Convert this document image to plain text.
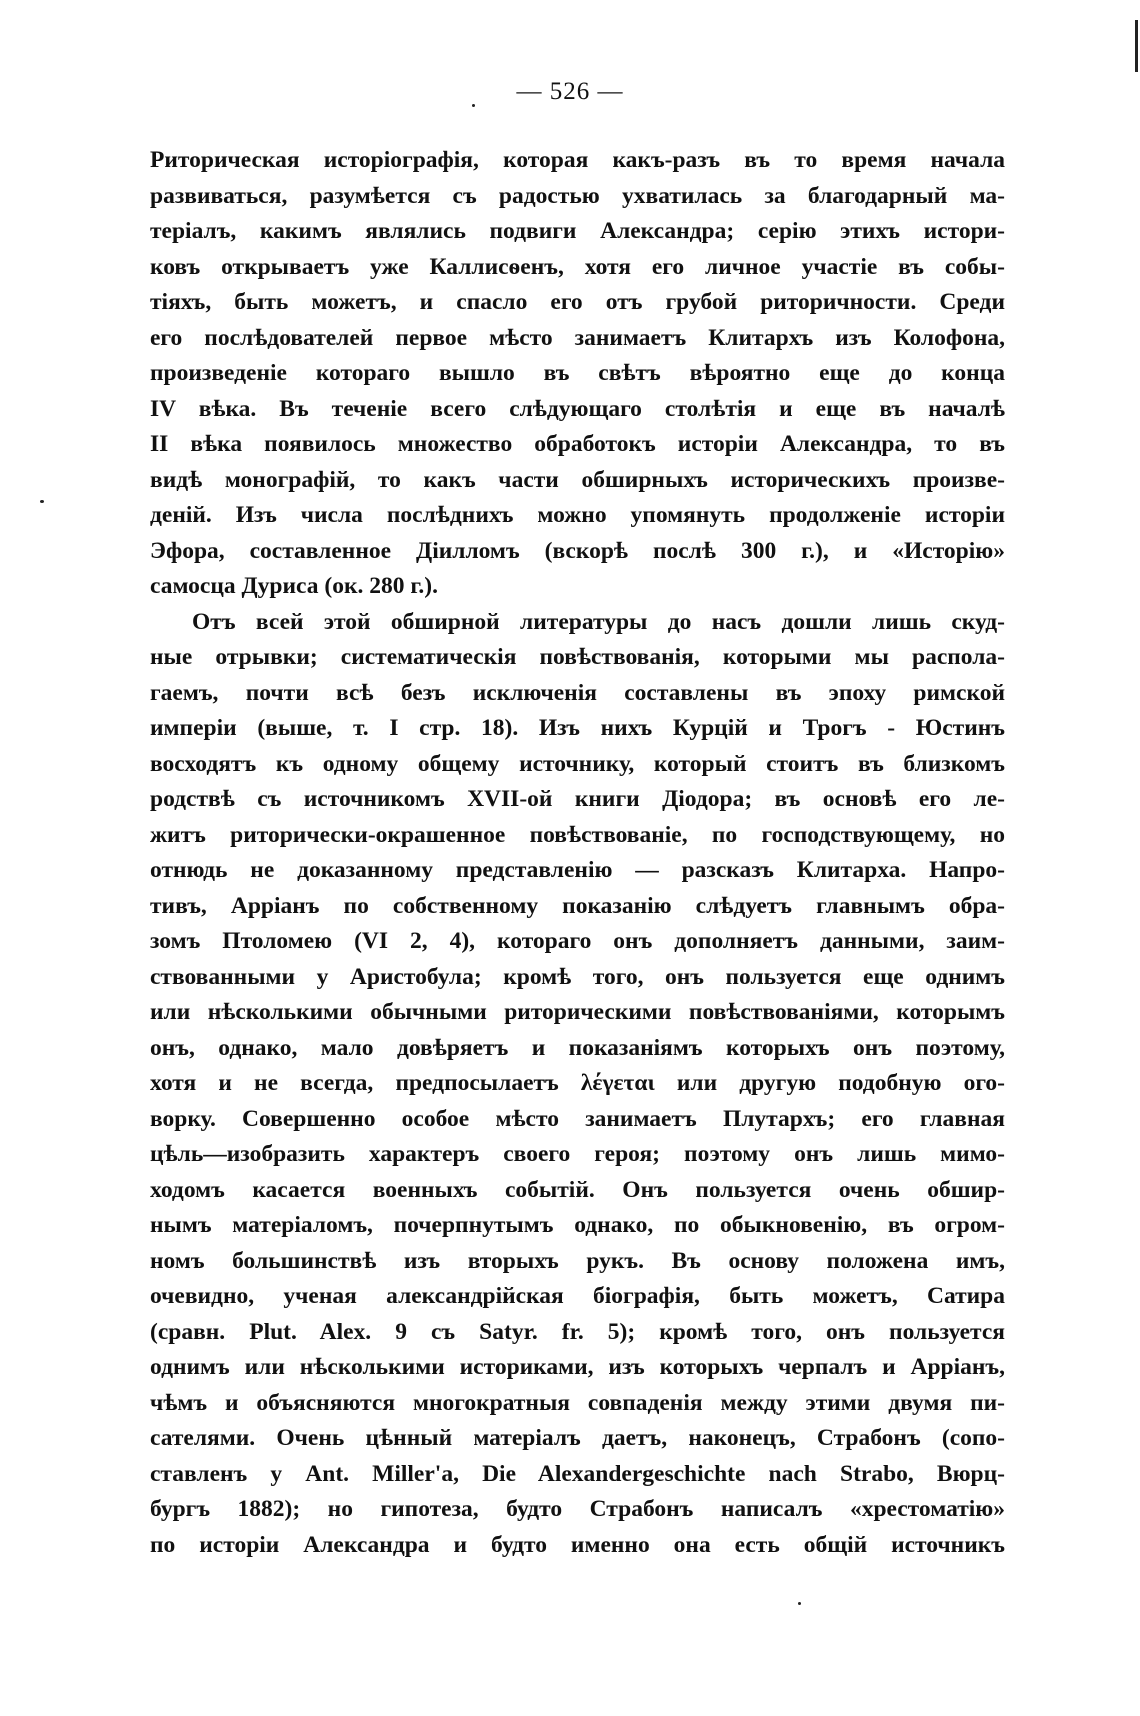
— 526 —
Риторическая исторіографія, которая какъ-разъ въ то время начала
развиваться, разумѣется съ радостью ухватилась за благодарный ма-
теріалъ, какимъ являлись подвиги Александра; серію этихъ истори-
ковъ открываетъ уже Каллисѳенъ, хотя его личное участіе въ собы-
тіяхъ, быть можетъ, и спасло его отъ грубой риторичности. Среди
его послѣдователей первое мѣсто занимаетъ Клитархъ изъ Колофона,
произведеніе котораго вышло въ свѣтъ вѣроятно еще до конца
IV вѣка. Въ теченіе всего слѣдующаго столѣтія и еще въ началѣ
II вѣка появилось множество обработокъ исторіи Александра, то въ
видѣ монографій, то какъ части обширныхъ историческихъ произве-
деній. Изъ числа послѣднихъ можно упомянуть продолженіе исторіи
Эфора, составленное Діилломъ (вскорѣ послѣ 300 г.), и «Исторію»
самосца Дуриса (ок. 280 г.).
Отъ всей этой обширной литературы до насъ дошли лишь скуд-
ные отрывки; систематическія повѣствованія, которыми мы распола-
гаемъ, почти всѣ безъ исключенія составлены въ эпоху римской
имперіи (выше, т. I стр. 18). Изъ нихъ Курцій и Трогъ - Юстинъ
восходятъ къ одному общему источнику, который стоитъ въ близкомъ
родствѣ съ источникомъ XVII-ой книги Діодора; въ основѣ его ле-
житъ риторически-окрашенное повѣствованіе, по господствующему, но
отнюдь не доказанному представленію — разсказъ Клитарха. Напро-
тивъ, Арріанъ по собственному показанію слѣдуетъ главнымъ обра-
зомъ Птоломею (VI 2, 4), котораго онъ дополняетъ данными, заим-
ствованными у Аристобула; кромѣ того, онъ пользуется еще однимъ
или нѣсколькими обычными риторическими повѣствованіями, которымъ
онъ, однако, мало довѣряетъ и показаніямъ которыхъ онъ поэтому,
хотя и не всегда, предпосылаетъ λέγεται или другую подобную ого-
ворку. Совершенно особое мѣсто занимаетъ Плутархъ; его главная
цѣль—изобразить характеръ своего героя; поэтому онъ лишь мимо-
ходомъ касается военныхъ событій. Онъ пользуется очень обшир-
нымъ матеріаломъ, почерпнутымъ однако, по обыкновенію, въ огром-
номъ большинствѣ изъ вторыхъ рукъ. Въ основу положена имъ,
очевидно, ученая александрійская біографія, быть можетъ, Сатира
(сравн. Plut. Alex. 9 съ Satyr. fr. 5); кромѣ того, онъ пользуется
однимъ или нѣсколькими историками, изъ которыхъ черпалъ и Арріанъ,
чѣмъ и объясняются многократныя совпаденія между этими двумя пи-
сателями. Очень цѣнный матеріалъ даетъ, наконецъ, Страбонъ (сопо-
ставленъ у Ant. Miller'a, Die Alexandergeschichte nach Strabo, Вюрц-
бургъ 1882); но гипотеза, будто Страбонъ написалъ «хрестоматію»
по исторіи Александра и будто именно она есть общій источникъ
